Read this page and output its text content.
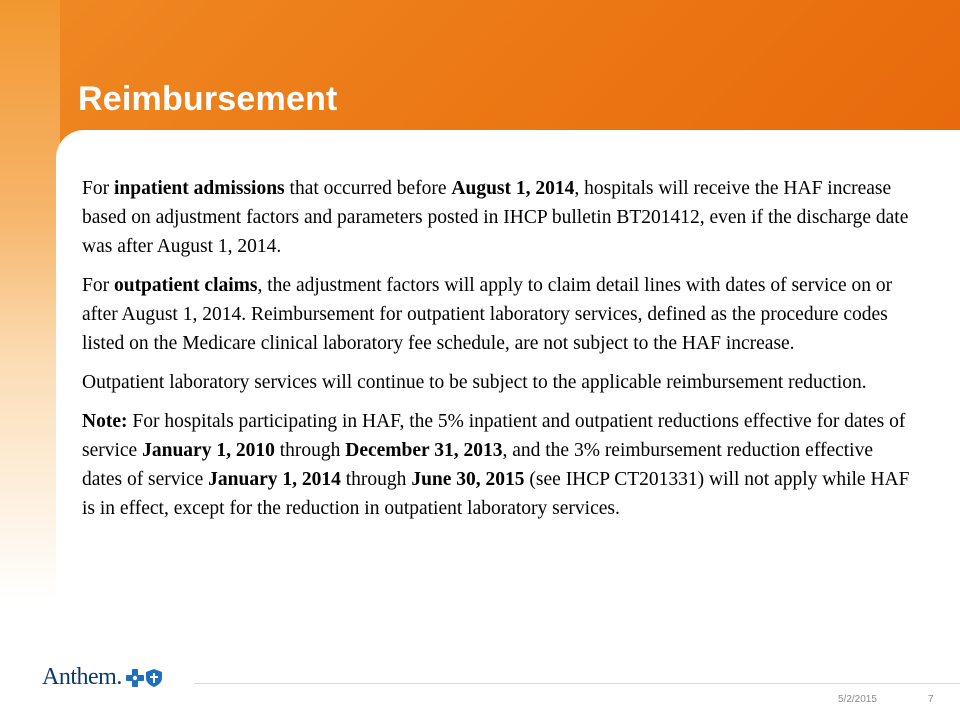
Reimbursement

For inpatient admissions that occurred before August 1, 2014, hospitals will receive the HAF increase based on adjustment factors and parameters posted in IHCP bulletin BT201412, even if the discharge date was after August 1, 2014.

For outpatient claims, the adjustment factors will apply to claim detail lines with dates of service on or after August 1, 2014. Reimbursement for outpatient laboratory services, defined as the procedure codes listed on the Medicare clinical laboratory fee schedule, are not subject to the HAF increase.

Outpatient laboratory services will continue to be subject to the applicable reimbursement reduction.

Note: For hospitals participating in HAF, the 5% inpatient and outpatient reductions effective for dates of service January 1, 2010 through December 31, 2013, and the 3% reimbursement reduction effective dates of service January 1, 2014 through June 30, 2015 (see IHCP CT201331) will not apply while HAF is in effect, except for the reduction in outpatient laboratory services.

Anthem.
5/2/2015	7
